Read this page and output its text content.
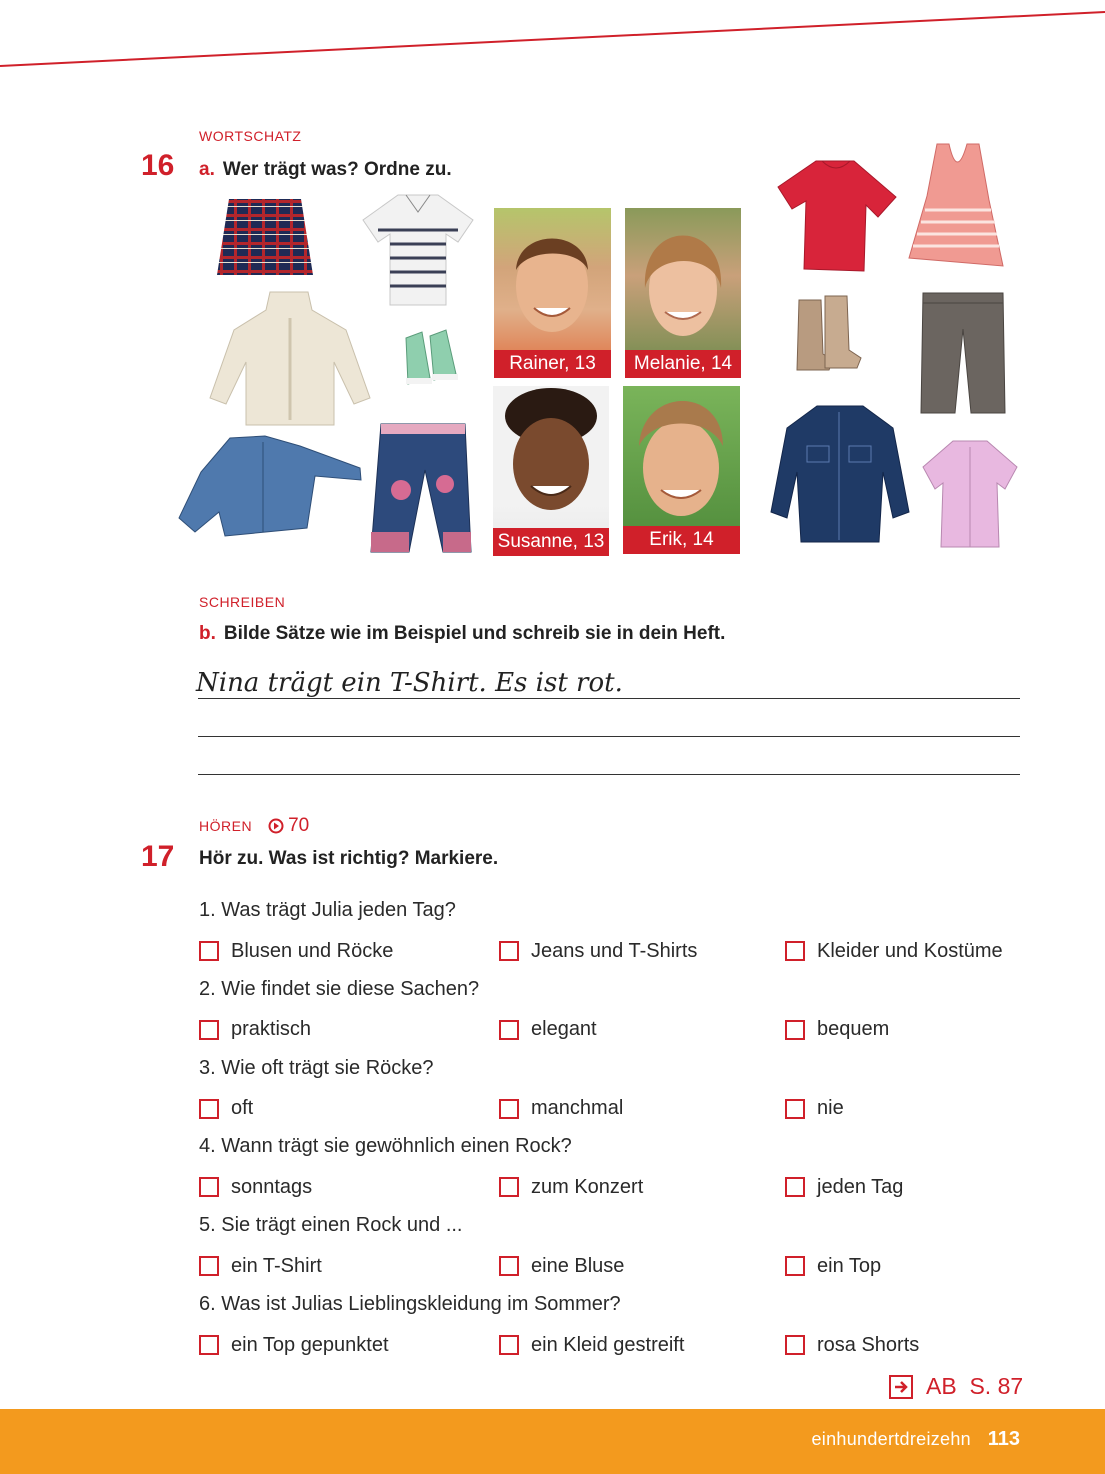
WORTSCHATZ
16 a. Wer trägt was? Ordne zu.
Rainer, 13	Melanie, 14
Susanne, 13	Erik, 14
SCHREIBEN
b. Bilde Sätze wie im Beispiel und schreib sie in dein Heft.
Nina trägt ein T-Shirt. Es ist rot.
HÖREN 70
17 Hör zu. Was ist richtig? Markiere.
1. Was trägt Julia jeden Tag?
Blusen und Röcke	Jeans und T-Shirts	Kleider und Kostüme
2. Wie findet sie diese Sachen?
praktisch	elegant	bequem
3. Wie oft trägt sie Röcke?
oft	manchmal	nie
4. Wann trägt sie gewöhnlich einen Rock?
sonntags	zum Konzert	jeden Tag
5. Sie trägt einen Rock und ...
ein T-Shirt	eine Bluse	ein Top
6. Was ist Julias Lieblingskleidung im Sommer?
ein Top gepunktet	ein Kleid gestreift	rosa Shorts
AB  S. 87
einhundertdreizehn 113
